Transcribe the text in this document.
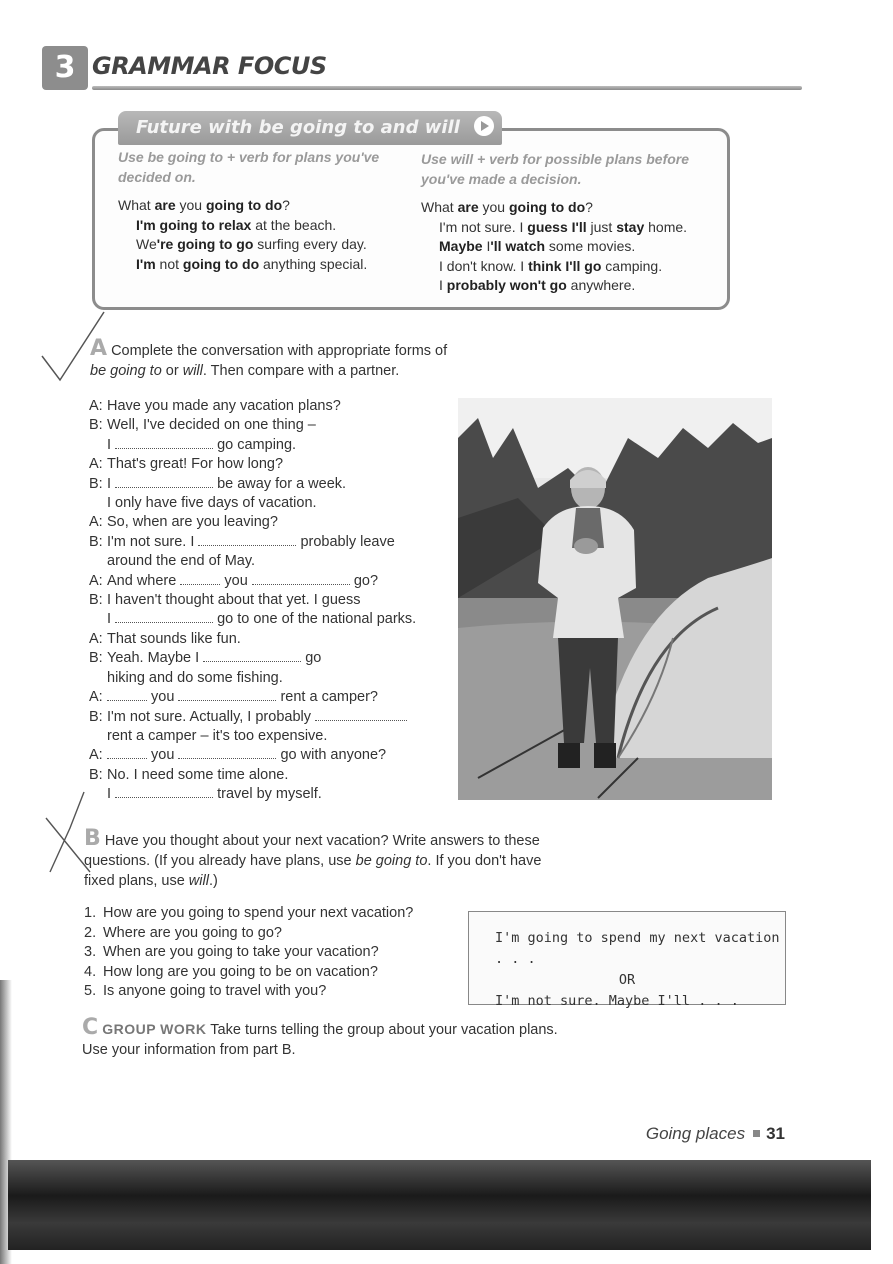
3 GRAMMAR FOCUS
Future with be going to and will
Use be going to + verb for plans you've decided on.

What are you going to do?

I'm going to relax at the beach.

We're going to go surfing every day.

I'm not going to do anything special.

Use will + verb for possible plans before you've made a decision.

What are you going to do?

I'm not sure. I guess I'll just stay home.

Maybe I'll watch some movies.

I don't know. I think I'll go camping.

I probably won't go anywhere.

A Complete the conversation with appropriate forms of
be going to or will. Then compare with a partner.
A: Have you made any vacation plans?
B: Well, I've decided on one thing –
I	go camping.
A: That's great! For how long?
B: I	be away for a week.
I only have five days of vacation.
A: So, when are you leaving?
B: I'm not sure. I	probably leave
around the end of May.
A: And where	you	go?
B: I haven't thought about that yet. I guess
I	go to one of the national parks.
A: That sounds like fun.
B: Yeah. Maybe I	go
hiking and do some fishing.
A:	you	rent a camper?
B: I'm not sure. Actually, I probably
rent a camper – it's too expensive.
A:	you	go with anyone?
B: No. I need some time alone.
I	travel by myself.
B Have you thought about your next vacation? Write answers to these
questions. (If you already have plans, use be going to. If you don't have
fixed plans, use will.)
1. How are you going to spend your next vacation?
2. Where are you going to go?
3. When are you going to take your vacation?
4. How long are you going to be on vacation?
5. Is anyone going to travel with you?
I'm going to spend my next vacation . . .
OR
I'm not sure. Maybe I'll . . .
C GROUP WORK Take turns telling the group about your vacation plans.
Use your information from part B.
Going places 31
